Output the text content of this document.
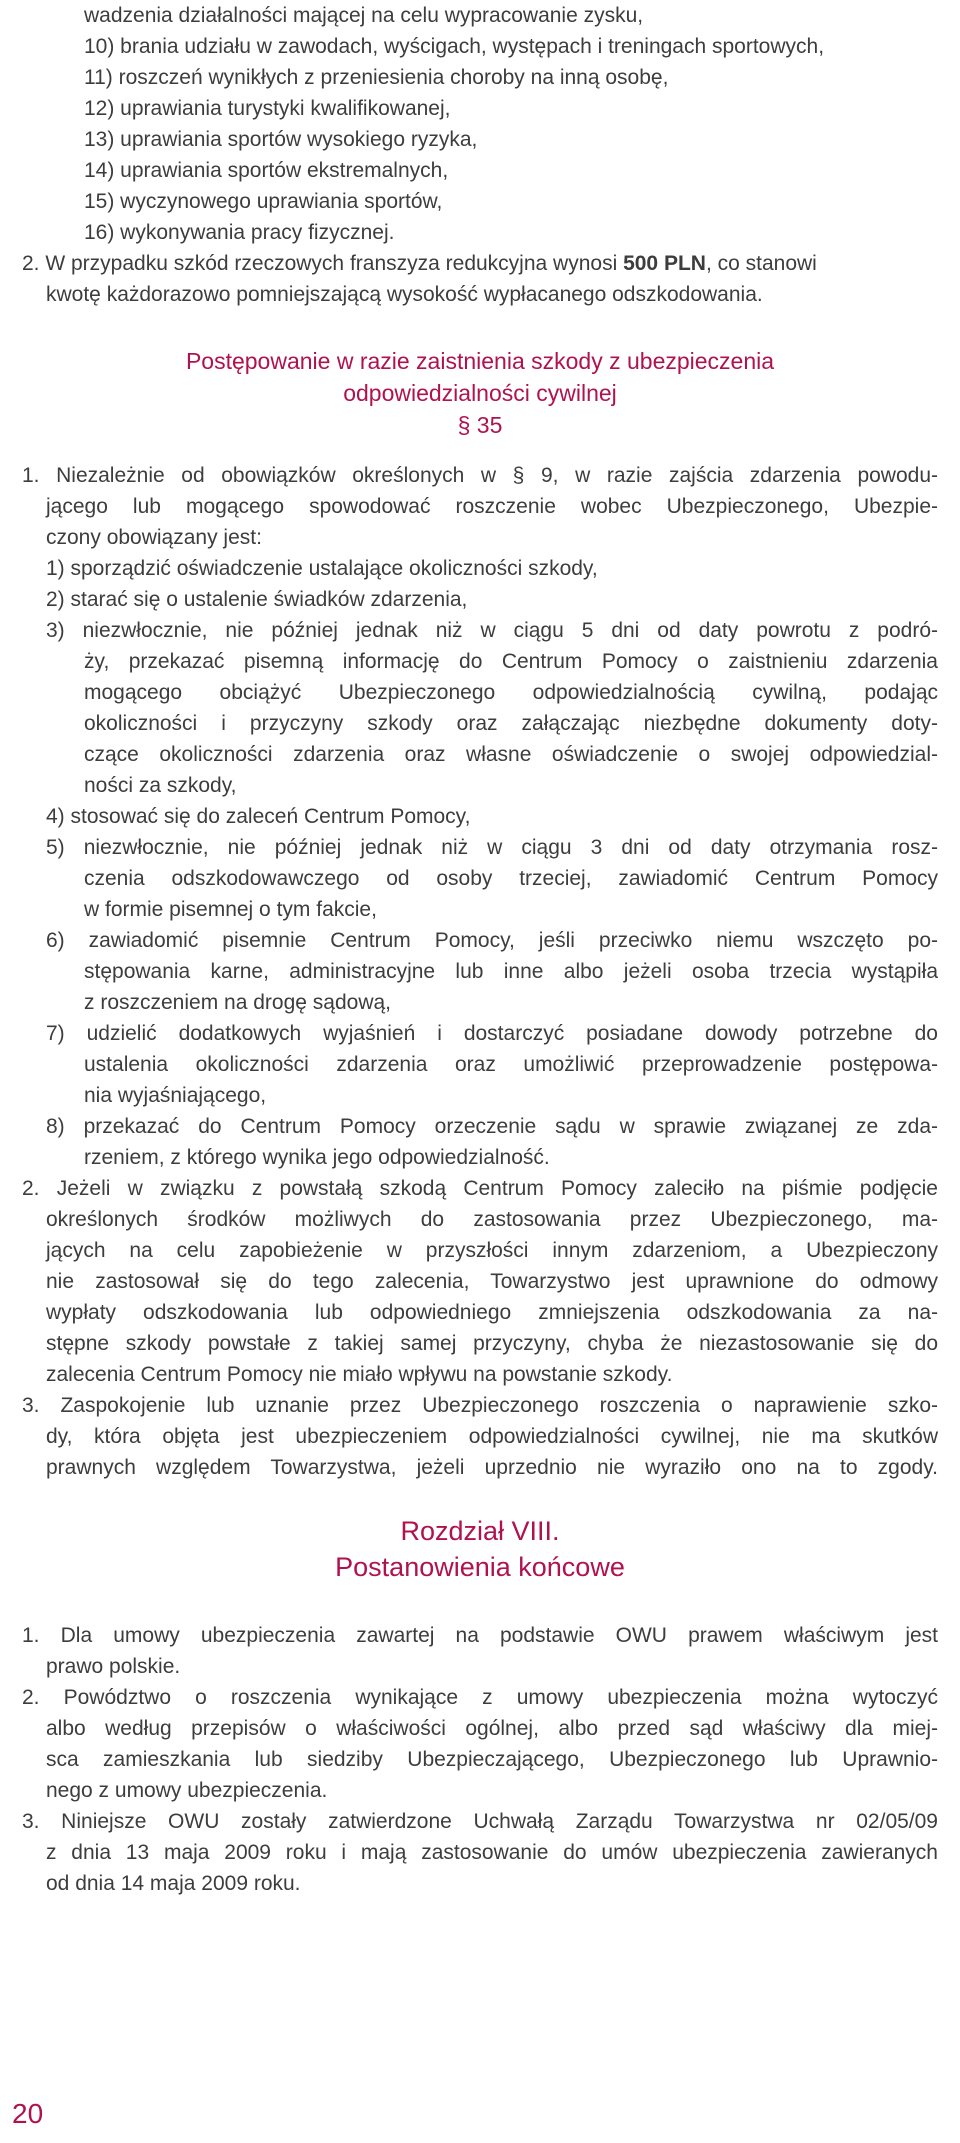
wadzenia działalności mającej na celu wypracowanie zysku,
10) brania udziału w zawodach, wyścigach, występach i treningach sportowych,
11) roszczeń wynikłych z przeniesienia choroby na inną osobę,
12) uprawiania turystyki kwalifikowanej,
13) uprawiania sportów wysokiego ryzyka,
14) uprawiania sportów ekstremalnych,
15) wyczynowego uprawiania sportów,
16) wykonywania pracy fizycznej.
2. W przypadku szkód rzeczowych franszyza redukcyjna wynosi 500 PLN, co stanowi
kwotę każdorazowo pomniejszającą wysokość wypłacanego odszkodowania.
Postępowanie w razie zaistnienia szkody z ubezpieczenia
odpowiedzialności cywilnej
§ 35
1. Niezależnie od obowiązków określonych w § 9, w razie zajścia zdarzenia powodu-
jącego lub mogącego spowodować roszczenie wobec Ubezpieczonego, Ubezpie-
czony obowiązany jest:
1) sporządzić oświadczenie ustalające okoliczności szkody,
2) starać się o ustalenie świadków zdarzenia,
3) niezwłocznie, nie później jednak niż w ciągu 5 dni od daty powrotu z podró-
ży, przekazać pisemną informację do Centrum Pomocy o zaistnieniu zdarzenia
mogącego obciążyć Ubezpieczonego odpowiedzialnością cywilną, podając
okoliczności i przyczyny szkody oraz załączając niezbędne dokumenty doty-
czące okoliczności zdarzenia oraz własne oświadczenie o swojej odpowiedzial-
ności za szkody,
4) stosować się do zaleceń Centrum Pomocy,
5) niezwłocznie, nie później jednak niż w ciągu 3 dni od daty otrzymania rosz-
czenia odszkodowawczego od osoby trzeciej, zawiadomić Centrum Pomocy
w formie pisemnej o tym fakcie,
6) zawiadomić pisemnie Centrum Pomocy, jeśli przeciwko niemu wszczęto po-
stępowania karne, administracyjne lub inne albo jeżeli osoba trzecia wystąpiła
z roszczeniem na drogę sądową,
7) udzielić dodatkowych wyjaśnień i dostarczyć posiadane dowody potrzebne do
ustalenia okoliczności zdarzenia oraz umożliwić przeprowadzenie postępowa-
nia wyjaśniającego,
8) przekazać do Centrum Pomocy orzeczenie sądu w sprawie związanej ze zda-
rzeniem, z którego wynika jego odpowiedzialność.
2. Jeżeli w związku z powstałą szkodą Centrum Pomocy zaleciło na piśmie podjęcie
określonych środków możliwych do zastosowania przez Ubezpieczonego, ma-
jących na celu zapobieżenie w przyszłości innym zdarzeniom, a Ubezpieczony
nie zastosował się do tego zalecenia, Towarzystwo jest uprawnione do odmowy
wypłaty odszkodowania lub odpowiedniego zmniejszenia odszkodowania za na-
stępne szkody powstałe z takiej samej przyczyny, chyba że niezastosowanie się do
zalecenia Centrum Pomocy nie miało wpływu na powstanie szkody.
3. Zaspokojenie lub uznanie przez Ubezpieczonego roszczenia o naprawienie szko-
dy, która objęta jest ubezpieczeniem odpowiedzialności cywilnej, nie ma skutków
prawnych względem Towarzystwa, jeżeli uprzednio nie wyraziło ono na to zgody.
Rozdział VIII.
Postanowienia końcowe
1. Dla umowy ubezpieczenia zawartej na podstawie OWU prawem właściwym jest
prawo polskie.
2. Powództwo o roszczenia wynikające z umowy ubezpieczenia można wytoczyć
albo według przepisów o właściwości ogólnej, albo przed sąd właściwy dla miej-
sca zamieszkania lub siedziby Ubezpieczającego, Ubezpieczonego lub Uprawnio-
nego z umowy ubezpieczenia.
3. Niniejsze OWU zostały zatwierdzone Uchwałą Zarządu Towarzystwa nr 02/05/09
z dnia 13 maja 2009 roku i mają zastosowanie do umów ubezpieczenia zawieranych
od dnia 14 maja 2009 roku.
20
